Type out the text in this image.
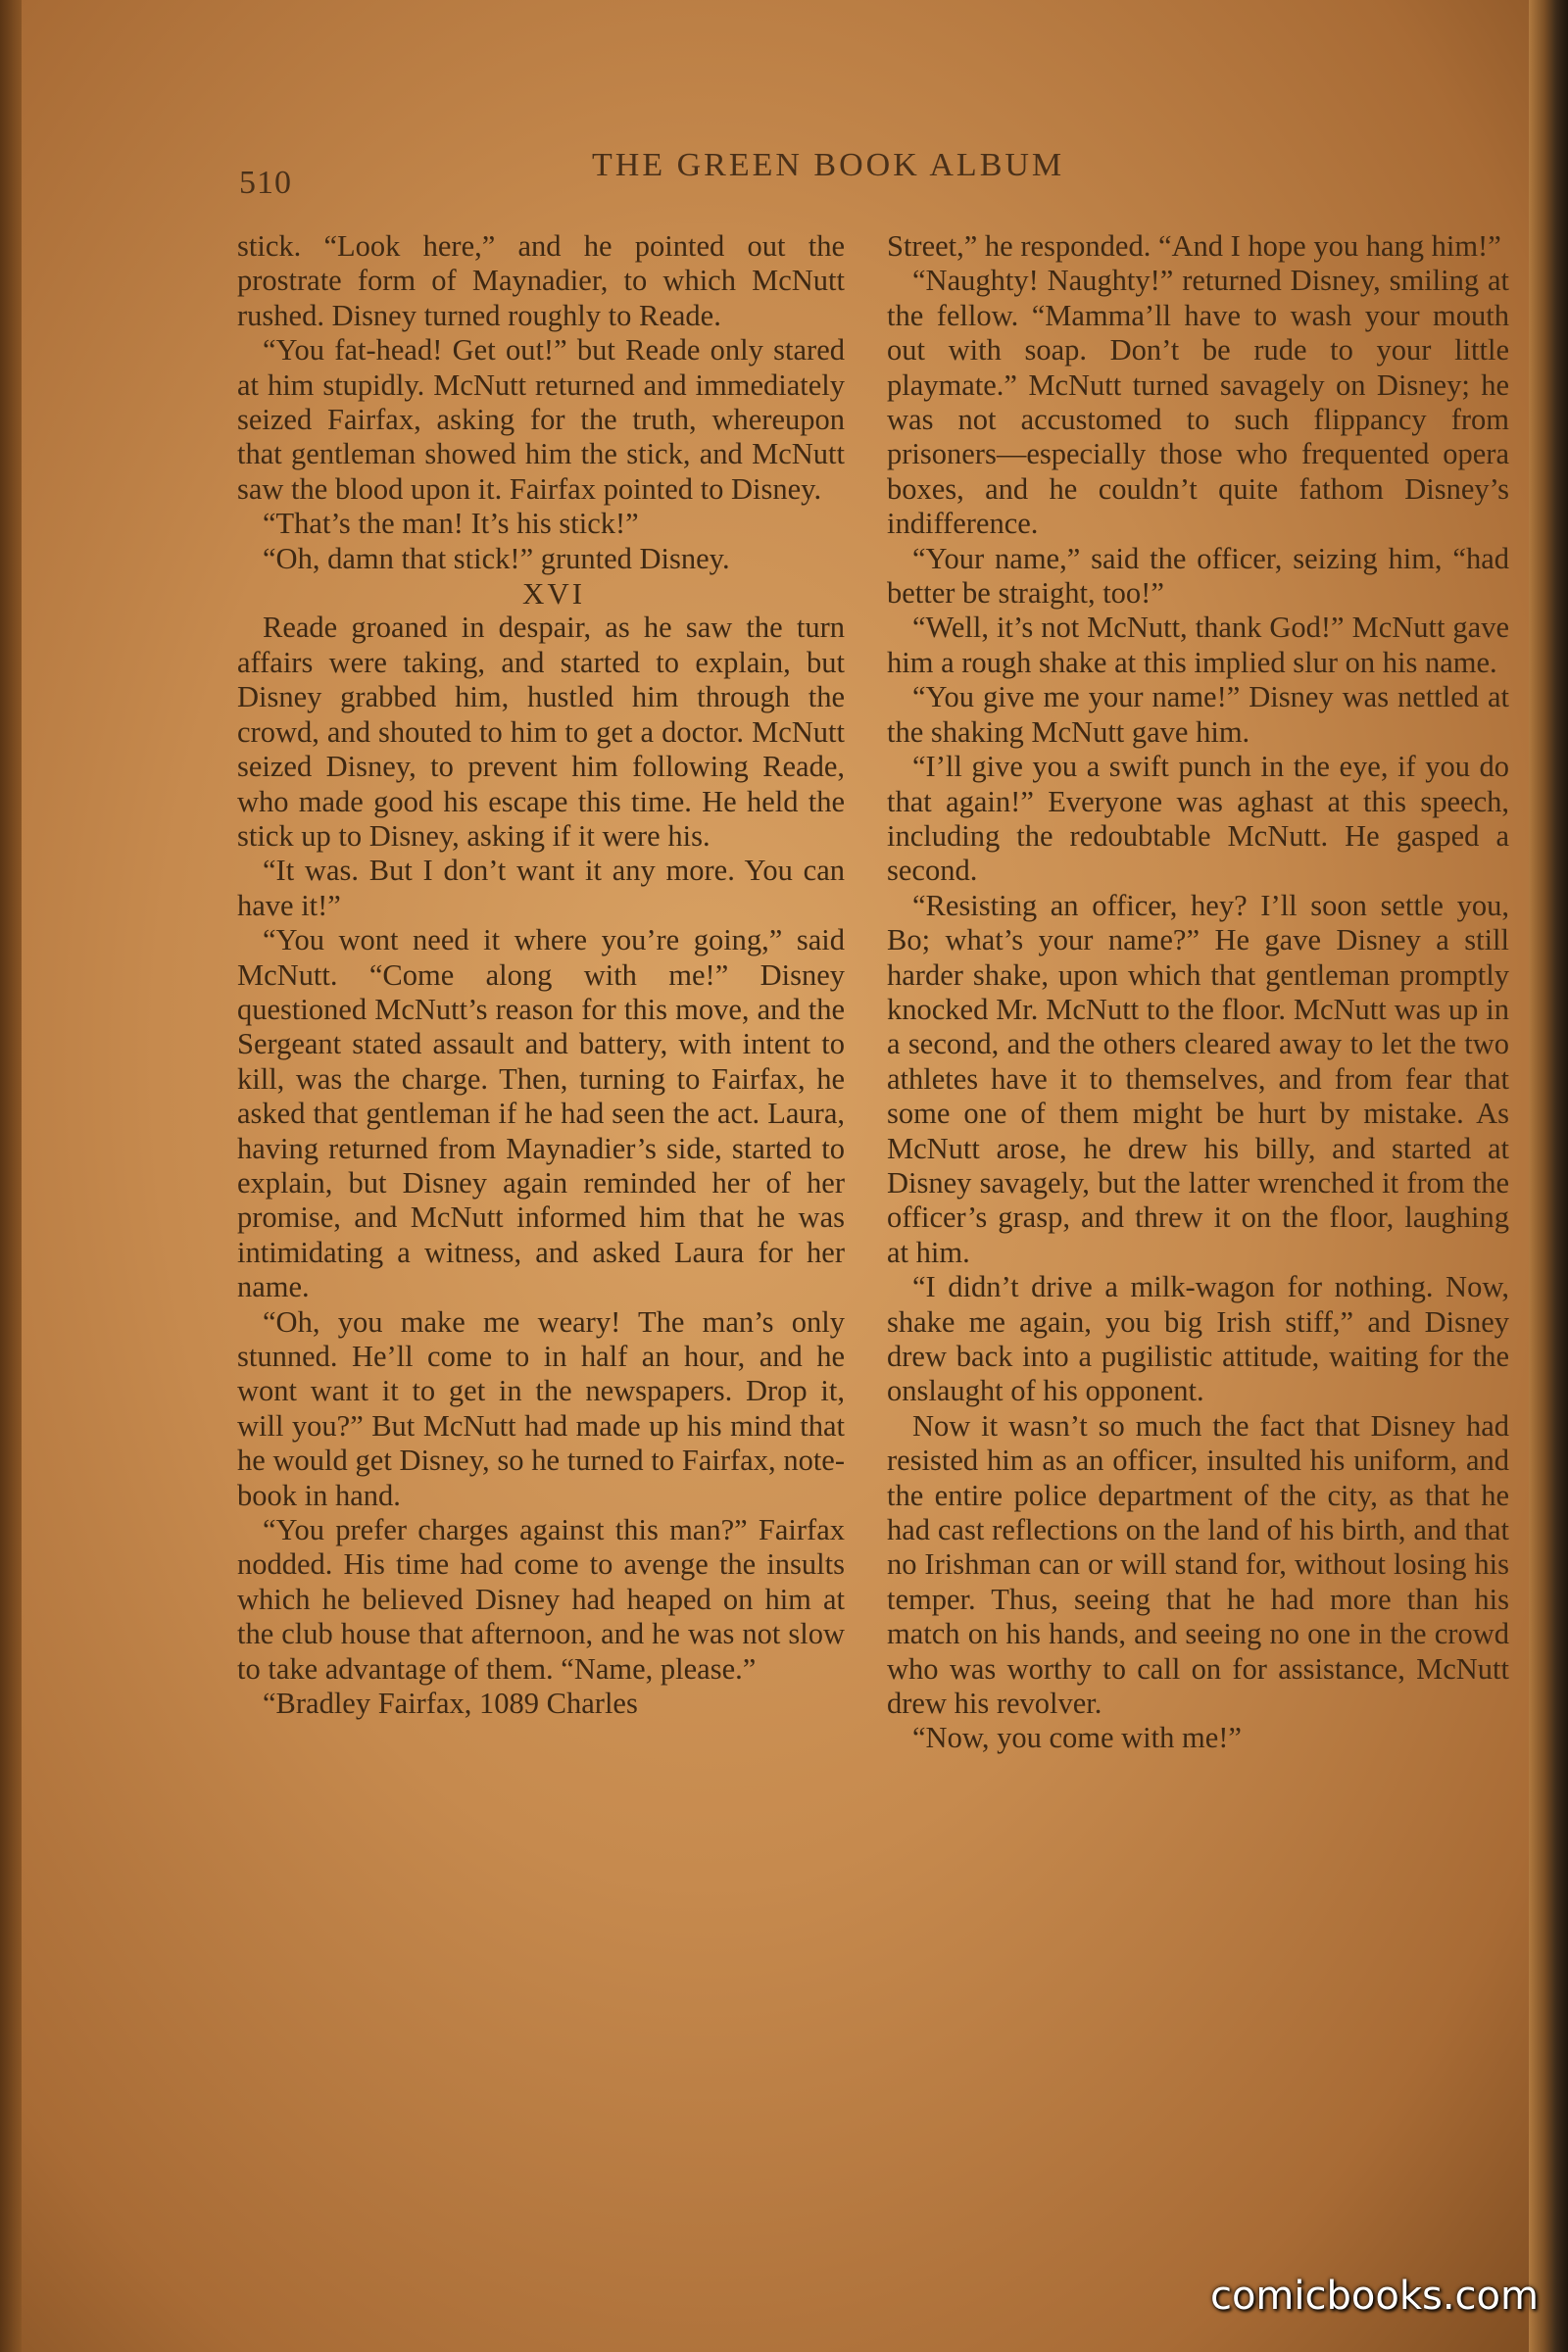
510	THE GREEN BOOK ALBUM

stick. “Look here,” and he pointed out the prostrate form of Maynadier, to which McNutt rushed. Disney turned roughly to Reade.

“You fat-head! Get out!” but Reade only stared at him stupidly. McNutt returned and immediately seized Fairfax, asking for the truth, whereupon that gentleman showed him the stick, and McNutt saw the blood upon it. Fairfax pointed to Disney.

“That’s the man! It’s his stick!”

“Oh, damn that stick!” grunted Disney.

XVI

Reade groaned in despair, as he saw the turn affairs were taking, and started to explain, but Disney grabbed him, hustled him through the crowd, and shouted to him to get a doctor. McNutt seized Disney, to prevent him following Reade, who made good his escape this time. He held the stick up to Disney, asking if it were his.

“It was. But I don’t want it any more. You can have it!”

“You wont need it where you’re going,” said McNutt. “Come along with me!” Disney questioned McNutt’s reason for this move, and the Sergeant stated assault and battery, with intent to kill, was the charge. Then, turning to Fairfax, he asked that gentleman if he had seen the act. Laura, having returned from Maynadier’s side, started to explain, but Disney again reminded her of her promise, and McNutt informed him that he was intimidating a witness, and asked Laura for her name.

“Oh, you make me weary! The man’s only stunned. He’ll come to in half an hour, and he wont want it to get in the newspapers. Drop it, will you?” But McNutt had made up his mind that he would get Disney, so he turned to Fairfax, note-book in hand.

“You prefer charges against this man?” Fairfax nodded. His time had come to avenge the insults which he believed Disney had heaped on him at the club house that afternoon, and he was not slow to take advantage of them. “Name, please.”

“Bradley Fairfax, 1089 Charles

Street,” he responded. “And I hope you hang him!”

“Naughty! Naughty!” returned Disney, smiling at the fellow. “Mamma’ll have to wash your mouth out with soap. Don’t be rude to your little playmate.” McNutt turned savagely on Disney; he was not accustomed to such flippancy from prisoners—especially those who frequented opera boxes, and he couldn’t quite fathom Disney’s indifference.

“Your name,” said the officer, seizing him, “had better be straight, too!”

“Well, it’s not McNutt, thank God!” McNutt gave him a rough shake at this implied slur on his name.

“You give me your name!” Disney was nettled at the shaking McNutt gave him.

“I’ll give you a swift punch in the eye, if you do that again!” Everyone was aghast at this speech, including the redoubtable McNutt. He gasped a second.

“Resisting an officer, hey? I’ll soon settle you, Bo; what’s your name?” He gave Disney a still harder shake, upon which that gentleman promptly knocked Mr. McNutt to the floor. McNutt was up in a second, and the others cleared away to let the two athletes have it to themselves, and from fear that some one of them might be hurt by mistake. As McNutt arose, he drew his billy, and started at Disney savagely, but the latter wrenched it from the officer’s grasp, and threw it on the floor, laughing at him.

“I didn’t drive a milk-wagon for nothing. Now, shake me again, you big Irish stiff,” and Disney drew back into a pugilistic attitude, waiting for the onslaught of his opponent.

Now it wasn’t so much the fact that Disney had resisted him as an officer, insulted his uniform, and the entire police department of the city, as that he had cast reflections on the land of his birth, and that no Irishman can or will stand for, without losing his temper. Thus, seeing that he had more than his match on his hands, and seeing no one in the crowd who was worthy to call on for assistance, McNutt drew his revolver.

“Now, you come with me!”

comicbooks.com
